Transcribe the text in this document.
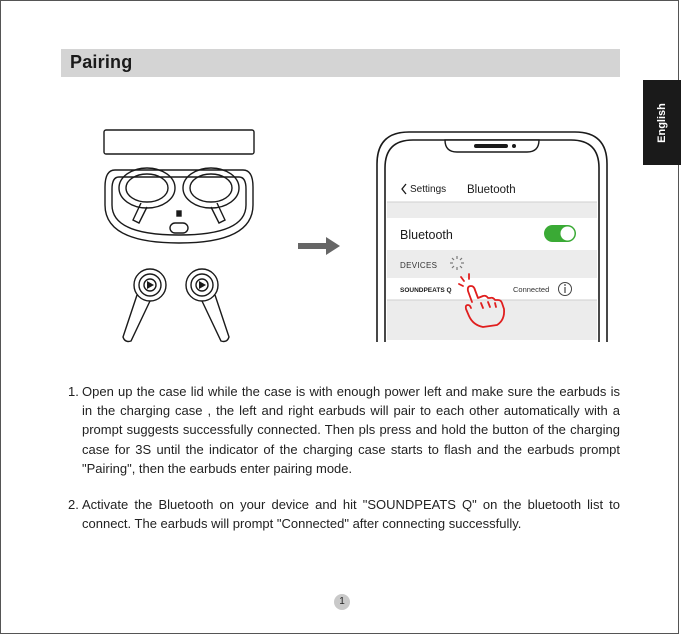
Pairing
English
Settings Bluetooth
Bluetooth
DEVICES
SOUNDPEATS Q	Connected
1. Open up the case lid while the case is with enough power left and make sure the earbuds is in the charging case , the left and right earbuds will pair to each other automatically with a prompt suggests successfully connected. Then pls press and hold the button of the charging case for 3S until the indicator of the charging case starts to flash and the earbuds prompt "Pairing", then the earbuds enter pairing mode.
2. Activate the Bluetooth on your device and hit "SOUNDPEATS Q" on the bluetooth list to connect. The earbuds will prompt "Connected" after connecting successfully.
1
